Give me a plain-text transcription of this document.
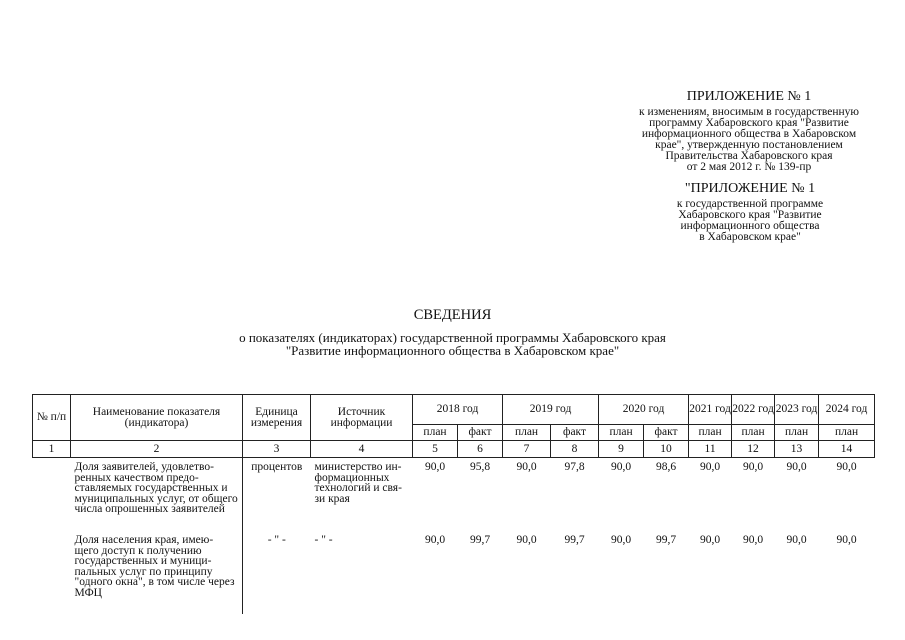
ПРИЛОЖЕНИЕ № 1
к изменениям, вносимым в государственную
программу Хабаровского края "Развитие
информационного общества в Хабаровском
крае", утвержденную постановлением
Правительства Хабаровского края
от 2 мая 2012 г. № 139-пр
"ПРИЛОЖЕНИЕ № 1
к государственной программе
Хабаровского края "Развитие
информационного общества
в Хабаровском крае"
СВЕДЕНИЯ
о показателях (индикаторах) государственной программы Хабаровского края
"Развитие информационного общества в Хабаровском крае"
№ п/п	Наименование показателя (индикатора)	Единица измерения	Источник информации	2018 год		2019 год		2020 год		2021 год	2022 год	2023 год	2024 год
				план	факт	план	факт	план	факт	план	план	план	план
1	2	3	4	5	6	7	8	9	10	11	12	13	14
	Доля заявителей, удовлетво- ренных качеством предо- ставляемых государственных и муниципальных услуг, от общего числа опрошенных заявителей	процентов	министерство ин- формационных технологий и свя- зи края	90,0	95,8	90,0	97,8	90,0	98,6	90,0	90,0	90,0	90,0
	Доля населения края, имею- щего доступ к получению государственных и муници- пальных услуг по принципу "одного окна", в том числе через МФЦ	- " -	- " -	90,0	99,7	90,0	99,7	90,0	99,7	90,0	90,0	90,0	90,0
